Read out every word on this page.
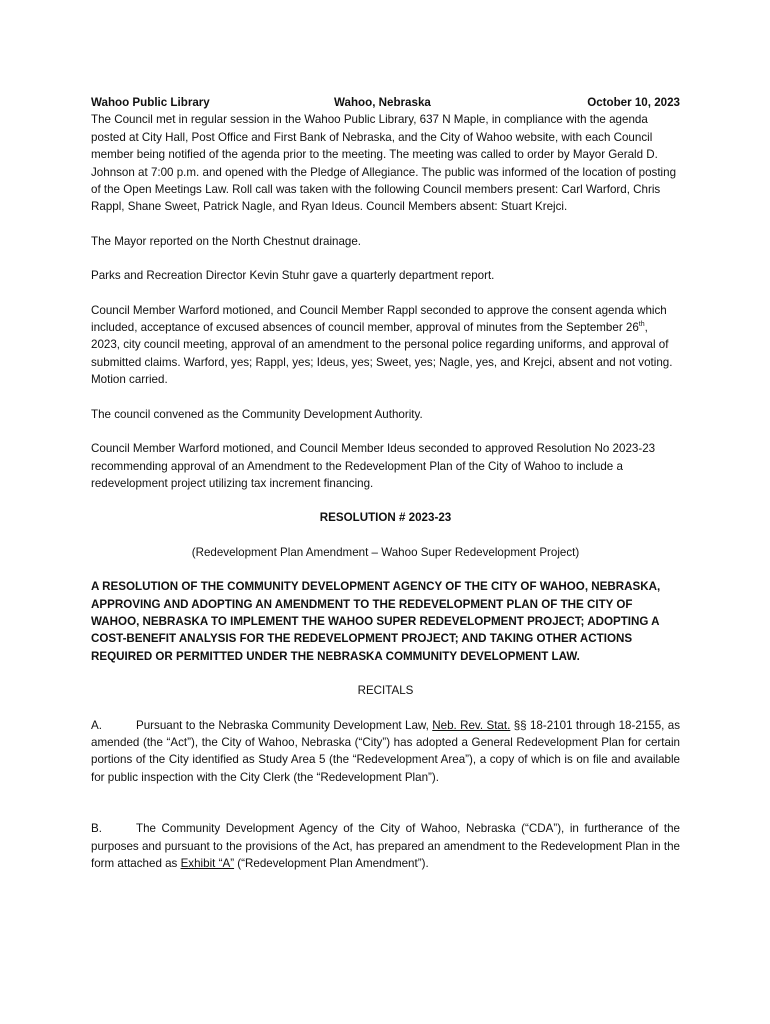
Wahoo Public Library	Wahoo, Nebraska	October 10, 2023

The Council met in regular session in the Wahoo Public Library, 637 N Maple, in compliance with the agenda posted at City Hall, Post Office and First Bank of Nebraska, and the City of Wahoo website, with each Council member being notified of the agenda prior to the meeting. The meeting was called to order by Mayor Gerald D. Johnson at 7:00 p.m. and opened with the Pledge of Allegiance. The public was informed of the location of posting of the Open Meetings Law. Roll call was taken with the following Council members present: Carl Warford, Chris Rappl, Shane Sweet, Patrick Nagle, and Ryan Ideus. Council Members absent: Stuart Krejci.

The Mayor reported on the North Chestnut drainage.

Parks and Recreation Director Kevin Stuhr gave a quarterly department report.

Council Member Warford motioned, and Council Member Rappl seconded to approve the consent agenda which included, acceptance of excused absences of council member, approval of minutes from the September 26th, 2023, city council meeting, approval of an amendment to the personal police regarding uniforms, and approval of submitted claims. Warford, yes; Rappl, yes; Ideus, yes; Sweet, yes; Nagle, yes, and Krejci, absent and not voting. Motion carried.

The council convened as the Community Development Authority.

Council Member Warford motioned, and Council Member Ideus seconded to approved Resolution No 2023-23 recommending approval of an Amendment to the Redevelopment Plan of the City of Wahoo to include a redevelopment project utilizing tax increment financing.

RESOLUTION # 2023-23

(Redevelopment Plan Amendment – Wahoo Super Redevelopment Project)

A RESOLUTION OF THE COMMUNITY DEVELOPMENT AGENCY OF THE CITY OF WAHOO, NEBRASKA, APPROVING AND ADOPTING AN AMENDMENT TO THE REDEVELOPMENT PLAN OF THE CITY OF WAHOO, NEBRASKA TO IMPLEMENT THE WAHOO SUPER REDEVELOPMENT PROJECT; ADOPTING A COST-BENEFIT ANALYSIS FOR THE REDEVELOPMENT PROJECT; AND TAKING OTHER ACTIONS REQUIRED OR PERMITTED UNDER THE NEBRASKA COMMUNITY DEVELOPMENT LAW.

RECITALS

A.	Pursuant to the Nebraska Community Development Law, Neb. Rev. Stat. §§ 18-2101 through 18-2155, as amended (the “Act”), the City of Wahoo, Nebraska (“City”) has adopted a General Redevelopment Plan for certain portions of the City identified as Study Area 5 (the “Redevelopment Area”), a copy of which is on file and available for public inspection with the City Clerk (the “Redevelopment Plan”).

B.	The Community Development Agency of the City of Wahoo, Nebraska (“CDA”), in furtherance of the purposes and pursuant to the provisions of the Act, has prepared an amendment to the Redevelopment Plan in the form attached as Exhibit “A” (“Redevelopment Plan Amendment”).
